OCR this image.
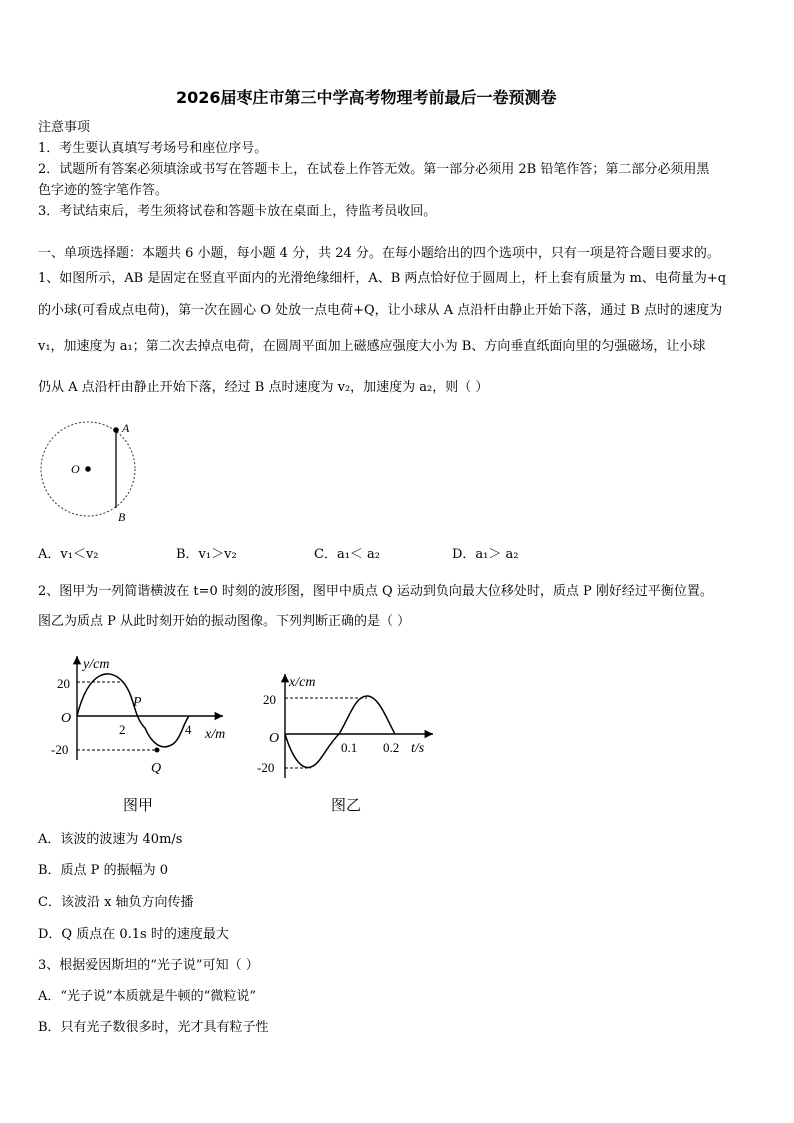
2026届枣庄市第三中学高考物理考前最后一卷预测卷
注意事项
1．考生要认真填写考场号和座位序号。
2．试题所有答案必须填涂或书写在答题卡上，在试卷上作答无效。第一部分必须用 2B 铅笔作答；第二部分必须用黑
色字迹的签字笔作答。
3．考试结束后，考生须将试卷和答题卡放在桌面上，待监考员收回。
一、单项选择题：本题共 6 小题，每小题 4 分，共 24 分。在每小题给出的四个选项中，只有一项是符合题目要求的。
1、如图所示，AB 是固定在竖直平面内的光滑绝缘细杆，A、B 两点恰好位于圆周上，杆上套有质量为 m、电荷量为+q
的小球(可看成点电荷)，第一次在圆心 O 处放一点电荷+Q，让小球从 A 点沿杆由静止开始下落，通过 B 点时的速度为
v₁，加速度为 a₁；第二次去掉点电荷，在圆周平面加上磁感应强度大小为 B、方向垂直纸面向里的匀强磁场，让小球
仍从 A 点沿杆由静止开始下落，经过 B 点时速度为 v₂，加速度为 a₂，则（ ）
O
A
B
A．v₁＜v₂	B．v₁＞v₂	C．a₁＜ a₂	D．a₁＞ a₂
2、图甲为一列简谐横波在 t=0 时刻的波形图，图甲中质点 Q 运动到负向最大位移处时，质点 P 刚好经过平衡位置。
图乙为质点 P 从此时刻开始的振动图像。下列判断正确的是（ ）
y/cm
x/m
O
20
-20
2	4
P
Q
图甲
x/cm
t/s
O
20
-20
0.1 0.2
图乙
A．该波的波速为 40m/s
B．质点 P 的振幅为 0
C．该波沿 x 轴负方向传播
D．Q 质点在 0.1s 时的速度最大
3、根据爱因斯坦的“光子说”可知（ ）
A．“光子说”本质就是牛顿的“微粒说”
B．只有光子数很多时，光才具有粒子性
